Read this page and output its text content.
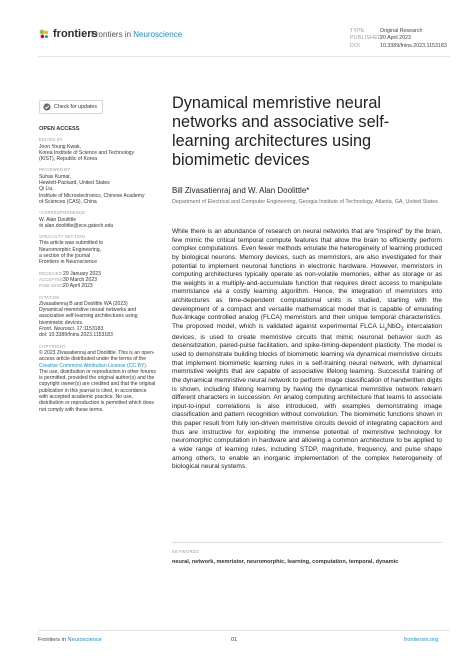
frontiers
Frontiers in Neuroscience	TYPE	Original Research
PUBLISHED20 April 2023
DOI	10.3389/fnins.2023.1153183
Check for updates
OPEN ACCESS
EDITED BY
Joon Young Kwak,
Korea Institute of Science and Technology
(KIST), Republic of Korea
REVIEWED BY
Suhas Kumar,
Hewlett-Packard, United States
Qi Liu,
Institute of Microelectronics, Chinese Academy
of Sciences (CAS), China
*CORRESPONDENCE
W. Alan Doolittle
✉ alan.doolittle@ece.gatech.edu
SPECIALTY SECTION
This article was submitted to
Neuromorphic Engineering,
a section of the journal
Frontiers in Neuroscience
RECEIVED29 January 2023
ACCEPTED30 March 2023
PUBLISHED20 April 2023
CITATION
Zivasatienraj B and Doolittle WA (2023)
Dynamical memristive neural networks and
associative self-learning architectures using
biomimetic devices.
Front. Neurosci. 17:1153183.
doi: 10.3389/fnins.2023.1153183
COPYRIGHT
© 2023 Zivasatienraj and Doolittle. This is an open-access article distributed under the terms of the Creative Commons Attribution License (CC BY). The use, distribution or reproduction in other forums is permitted, provided the original author(s) and the copyright owner(s) are credited and that the original publication in this journal is cited, in accordance with accepted academic practice. No use, distribution or reproduction is permitted which does not comply with these terms.
Dynamical memristive neural networks and associative self-learning architectures using biomimetic devices
Bill Zivasatienraj and W. Alan Doolittle*
Department of Electrical and Computer Engineering, Georgia Institute of Technology, Atlanta, GA, United States
While there is an abundance of research on neural networks that are “inspired” by the brain, few mimic the critical temporal compute features that allow the brain to efficiently perform complex computations. Even fewer methods emulate the heterogeneity of learning produced by biological neurons. Memory devices, such as memristors, are also investigated for their potential to implement neuronal functions in electronic hardware. However, memristors in computing architectures typically operate as non-volatile memories, either as storage or as the weights in a multiply-and-accumulate function that requires direct access to manipulate memristance via a costly learning algorithm. Hence, the integration of memristors into architectures as time-dependent computational units is studied, starting with the development of a compact and versatile mathematical model that is capable of emulating flux-linkage controlled analog (FLCA) memristors and their unique temporal characteristics. The proposed model, which is validated against experimental FLCA $Li_xNbO_2$ intercalation devices, is used to create memristive circuits that mimic neuronal behavior such as desensitization, paired-pulse facilitation, and spike-timing-dependent plasticity. The model is used to demonstrate building blocks of biomimetic learning via dynamical memristive circuits that implement biomimetic learning rules in a self-training neural network, with dynamical memristive weights that are capable of associative lifelong learning. Successful training of the dynamical memristive neural network to perform image classification of handwritten digits is shown, including lifelong learning by having the dynamical memristive network relearn different characters in succession. An analog computing architecture that learns to associate input-to-input correlations is also introduced, with examples demonstrating image classification and pattern recognition without convolution. The biomimetic functions shown in this paper result from fully ion-driven memristive circuits devoid of integrating capacitors and thus are instructive for exploiting the immense potential of memristive technology for neuromorphic computation in hardware and allowing a common architecture to be applied to a wide range of learning rules, including STDP, magnitude, frequency, and pulse shape among others, to enable an inorganic implementation of the complex heterogeneity of biological neural systems.
KEYWORDS
neural, network, memristor, neuromorphic, learning, computation, temporal, dynamic
Frontiers in Neuroscience	01	frontiersin.org
